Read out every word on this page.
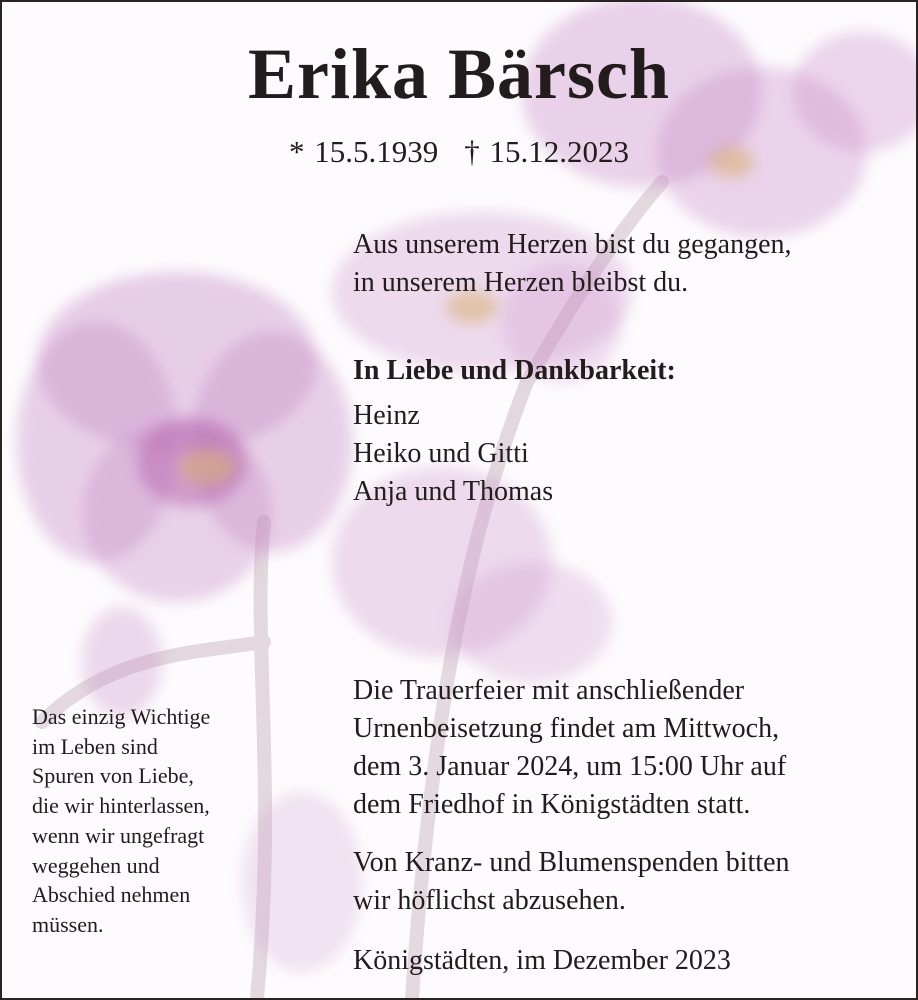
Erika Bärsch
* 15.5.1939 † 15.12.2023
Aus unserem Herzen bist du gegangen,
in unserem Herzen bleibst du.
In Liebe und Dankbarkeit:
Heinz
Heiko und Gitti
Anja und Thomas
Die Trauerfeier mit anschließender
Urnenbeisetzung findet am Mittwoch,
dem 3. Januar 2024, um 15:00 Uhr auf
dem Friedhof in Königstädten statt.
Von Kranz- und Blumenspenden bitten
wir höflichst abzusehen.
Königstädten, im Dezember 2023
Das einzig Wichtige
im Leben sind
Spuren von Liebe,
die wir hinterlassen,
wenn wir ungefragt
weggehen und
Abschied nehmen
müssen.
